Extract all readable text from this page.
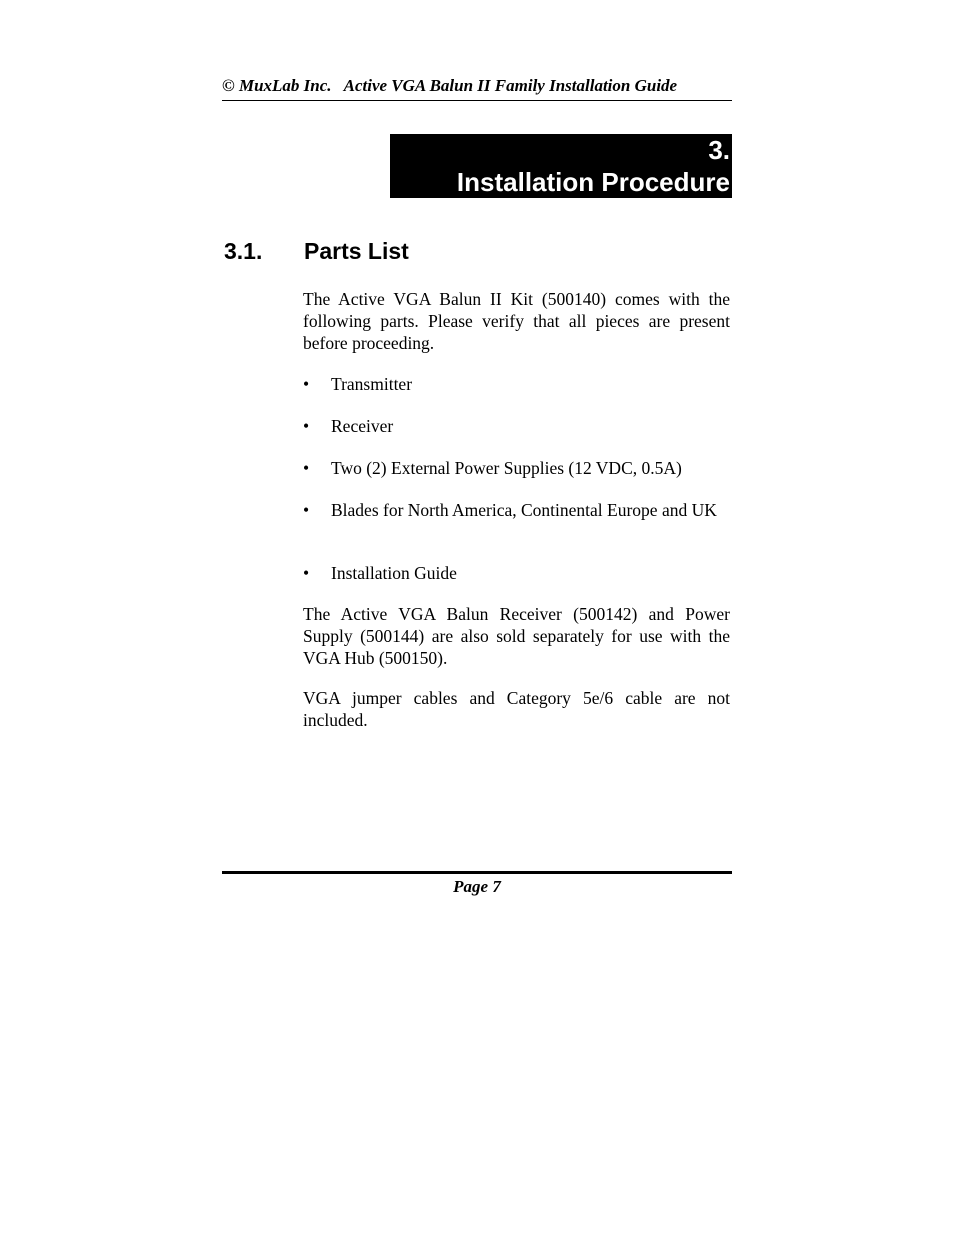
© MuxLab Inc.   Active VGA Balun II Family Installation Guide
3.
Installation Procedure
3.1. Parts List

The Active VGA Balun II Kit (500140) comes with the following parts. Please verify that all pieces are present before proceeding.

• Transmitter
• Receiver
• Two (2) External Power Supplies (12 VDC, 0.5A)
•	Blades for North America, Continental Europe and UK
• Installation Guide

The Active VGA Balun Receiver (500142) and Power Supply (500144) are also sold separately for use with the VGA Hub (500150).

VGA jumper cables and Category 5e/6 cable are not included.

Page 7
